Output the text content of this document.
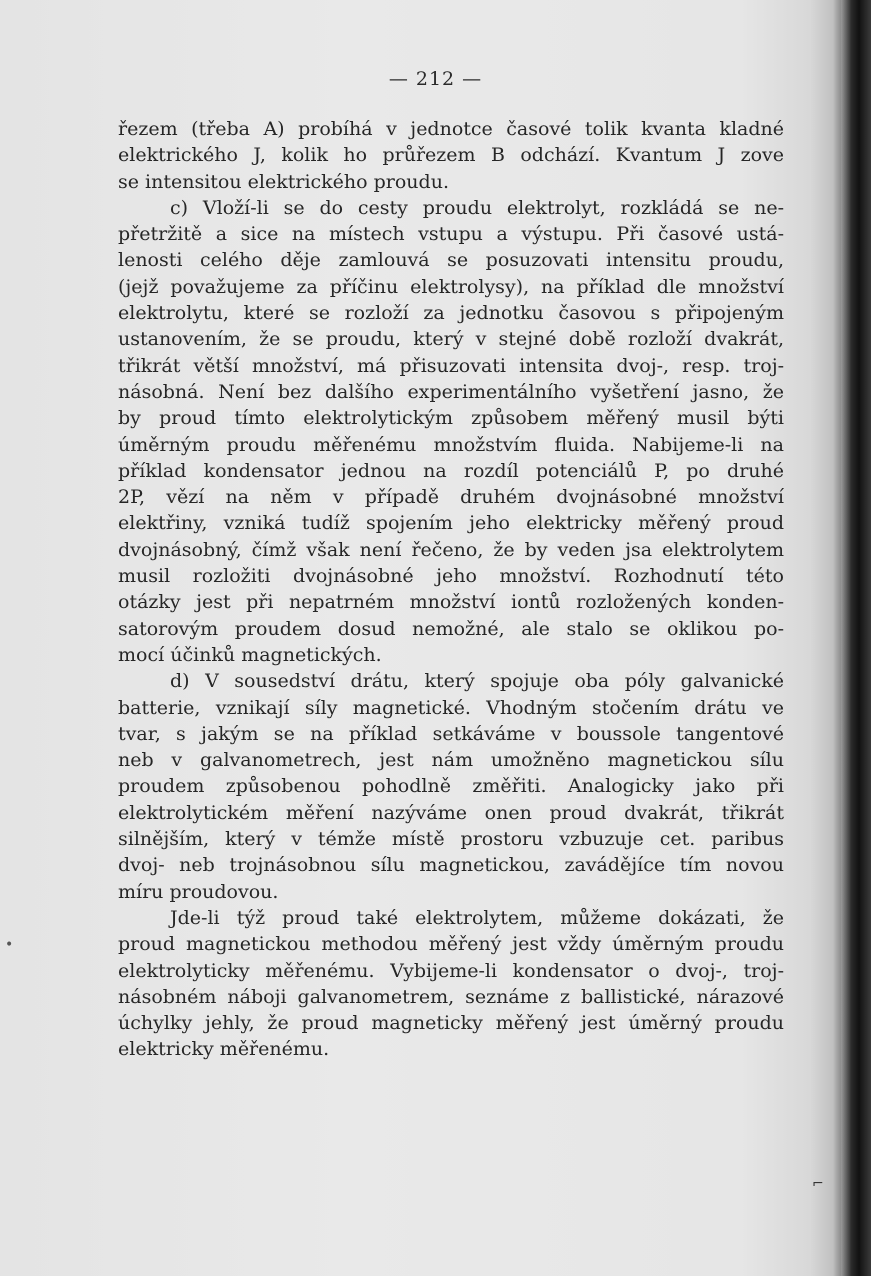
— 212 —
řezem (třeba A) probíhá v jednotce časové tolik kvanta kladné
elektrického J, kolik ho průřezem B odchází. Kvantum J zove
se intensitou elektrického proudu.
c) Vloží-li se do cesty proudu elektrolyt, rozkládá se ne-
přetržitě a sice na místech vstupu a výstupu. Při časové ustá-
lenosti celého děje zamlouvá se posuzovati intensitu proudu,
(jejž považujeme za příčinu elektrolysy), na příklad dle množství
elektrolytu, které se rozloží za jednotku časovou s připojeným
ustanovením, že se proudu, který v stejné době rozloží dvakrát,
třikrát větší množství, má přisuzovati intensita dvoj-, resp. troj-
násobná. Není bez dalšího experimentálního vyšetření jasno, že
by proud tímto elektrolytickým způsobem měřený musil býti
úměrným proudu měřenému množstvím fluida. Nabijeme-li na
příklad kondensator jednou na rozdíl potenciálů P, po druhé
2P, vězí na něm v případě druhém dvojnásobné množství
elektřiny, vzniká tudíž spojením jeho elektricky měřený proud
dvojnásobný, čímž však není řečeno, že by veden jsa elektrolytem
musil rozložiti dvojnásobné jeho množství. Rozhodnutí této
otázky jest při nepatrném množství iontů rozložených konden-
satorovým proudem dosud nemožné, ale stalo se oklikou po-
mocí účinků magnetických.
d) V sousedství drátu, který spojuje oba póly galvanické
batterie, vznikají síly magnetické. Vhodným stočením drátu ve
tvar, s jakým se na příklad setkáváme v boussole tangentové
neb v galvanometrech, jest nám umožněno magnetickou sílu
proudem způsobenou pohodlně změřiti. Analogicky jako při
elektrolytickém měření nazýváme onen proud dvakrát, třikrát
silnějším, který v témže místě prostoru vzbuzuje cet. paribus
dvoj- neb trojnásobnou sílu magnetickou, zavádějíce tím novou
míru proudovou.
Jde-li týž proud také elektrolytem, můžeme dokázati, že
proud magnetickou methodou měřený jest vždy úměrným proudu
elektrolyticky měřenému. Vybijeme-li kondensator o dvoj-, troj-
násobném náboji galvanometrem, seznáme z ballistické, nárazové
úchylky jehly, že proud magneticky měřený jest úměrný proudu
elektricky měřenému.
•
⌐
